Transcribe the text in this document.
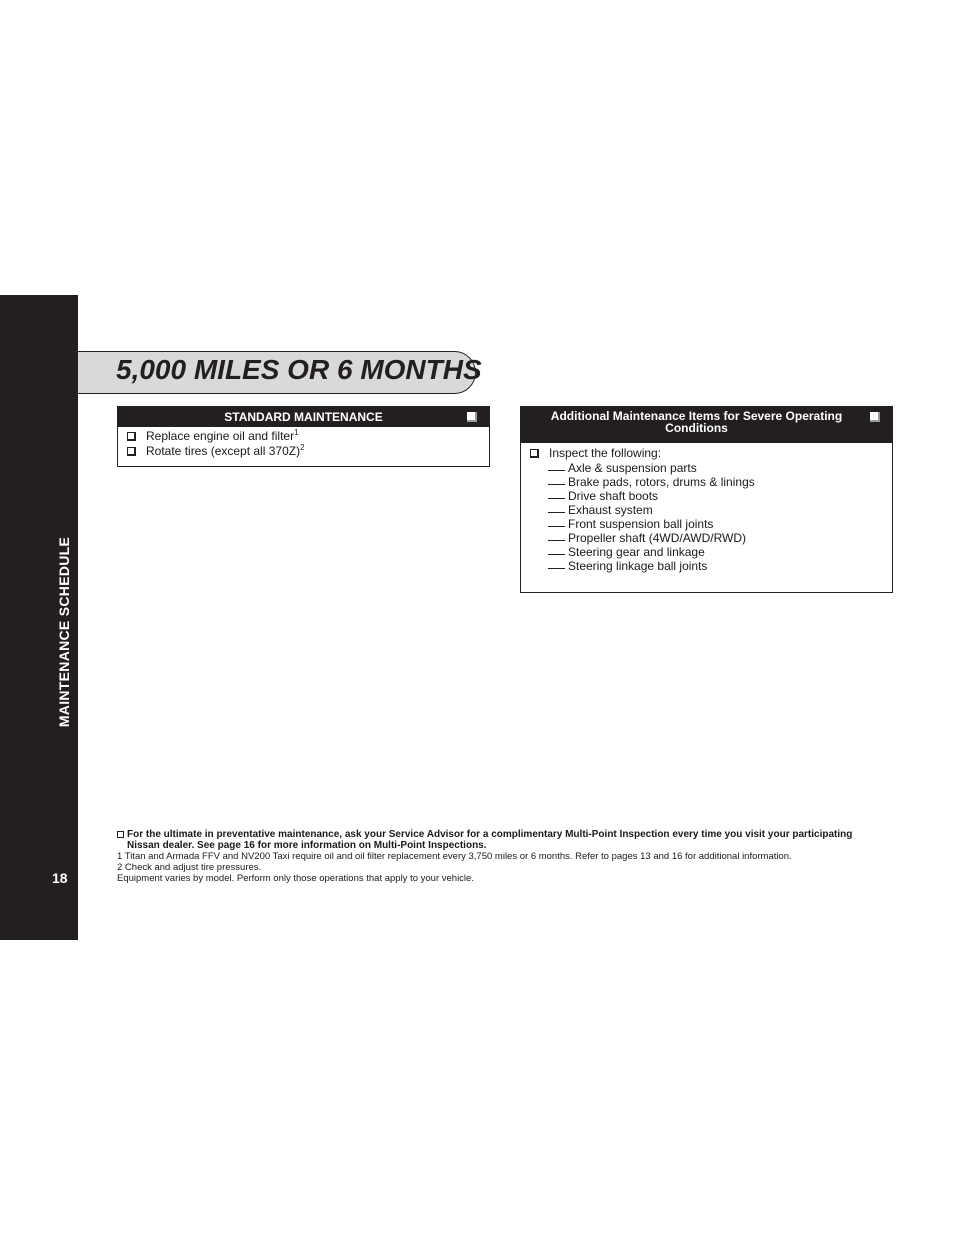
MAINTENANCE SCHEDULE
18
5,000 MILES OR 6 MONTHS
STANDARD MAINTENANCE
Replace engine oil and filter$^1$
Rotate tires (except all 370Z)$^2$
Additional Maintenance Items for Severe Operating Conditions
Inspect the following:
Axle & suspension parts
Brake pads, rotors, drums & linings
Drive shaft boots
Exhaust system
Front suspension ball joints
Propeller shaft (4WD/AWD/RWD)
Steering gear and linkage
Steering linkage ball joints
For the ultimate in preventative maintenance, ask your Service Advisor for a complimentary Multi-Point Inspection every time you visit your participating Nissan dealer. See page 16 for more information on Multi-Point Inspections.
1 Titan and Armada FFV and NV200 Taxi require oil and oil filter replacement every 3,750 miles or 6 months. Refer to pages 13 and 16 for additional information.
2 Check and adjust tire pressures.
Equipment varies by model. Perform only those operations that apply to your vehicle.
